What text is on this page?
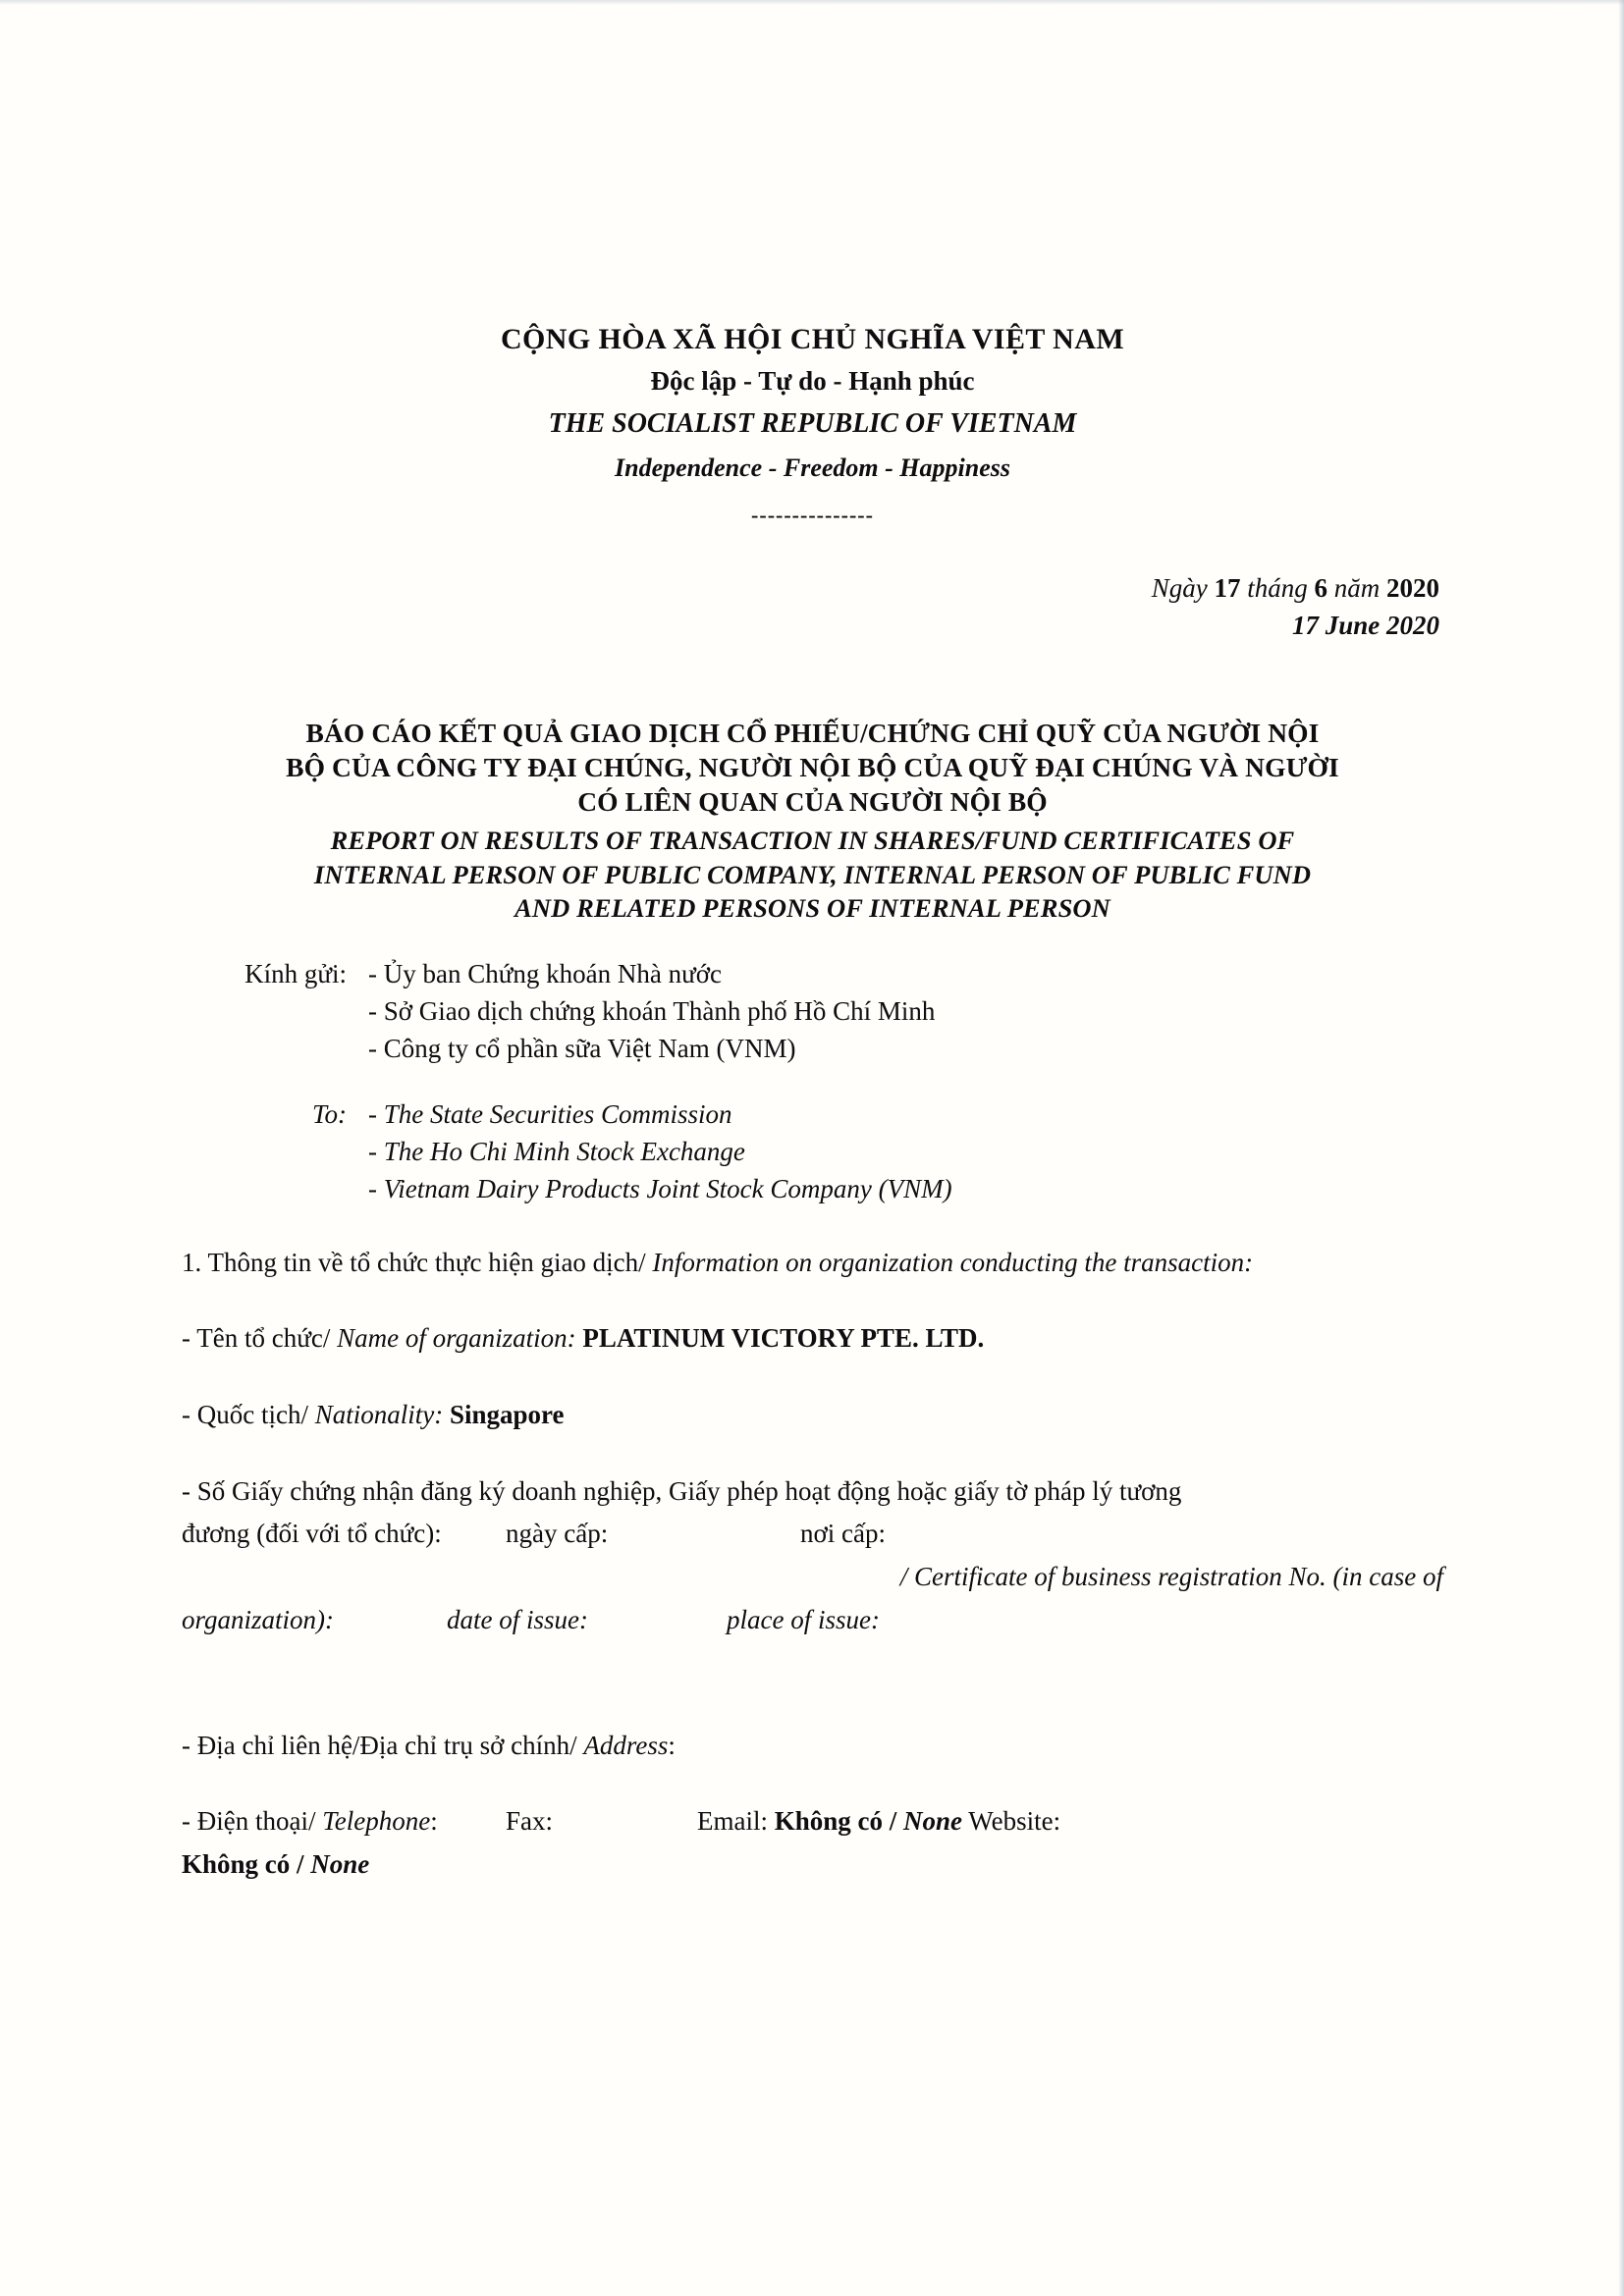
CỘNG HÒA XÃ HỘI CHỦ NGHĨA VIỆT NAM
Độc lập - Tự do - Hạnh phúc
THE SOCIALIST REPUBLIC OF VIETNAM
Independence - Freedom - Happiness
---------------
Ngày 17 tháng 6 năm 2020
17 June 2020
BÁO CÁO KẾT QUẢ GIAO DỊCH CỔ PHIẾU/CHỨNG CHỈ QUỸ CỦA NGƯỜI NỘI
BỘ CỦA CÔNG TY ĐẠI CHÚNG, NGƯỜI NỘI BỘ CỦA QUỸ ĐẠI CHÚNG VÀ NGƯỜI
CÓ LIÊN QUAN CỦA NGƯỜI NỘI BỘ
REPORT ON RESULTS OF TRANSACTION IN SHARES/FUND CERTIFICATES OF
INTERNAL PERSON OF PUBLIC COMPANY, INTERNAL PERSON OF PUBLIC FUND
AND RELATED PERSONS OF INTERNAL PERSON
Kính gửi: - Ủy ban Chứng khoán Nhà nước
- Sở Giao dịch chứng khoán Thành phố Hồ Chí Minh
- Công ty cổ phần sữa Việt Nam (VNM)
To: - The State Securities Commission
- The Ho Chi Minh Stock Exchange
- Vietnam Dairy Products Joint Stock Company (VNM)
1. Thông tin về tổ chức thực hiện giao dịch/ Information on organization conducting the transaction:
- Tên tổ chức/ Name of organization: PLATINUM VICTORY PTE. LTD.
- Quốc tịch/ Nationality: Singapore
- Số Giấy chứng nhận đăng ký doanh nghiệp, Giấy phép hoạt động hoặc giấy tờ pháp lý tương
đương (đối với tổ chức):	ngày cấp:	nơi cấp:
/ Certificate of business registration No. (in case of
organization):	date of issue:	place of issue:
- Địa chỉ liên hệ/Địa chỉ trụ sở chính/ Address:
- Điện thoại/ Telephone:	Fax:	Email: Không có / None Website:
Không có / None
